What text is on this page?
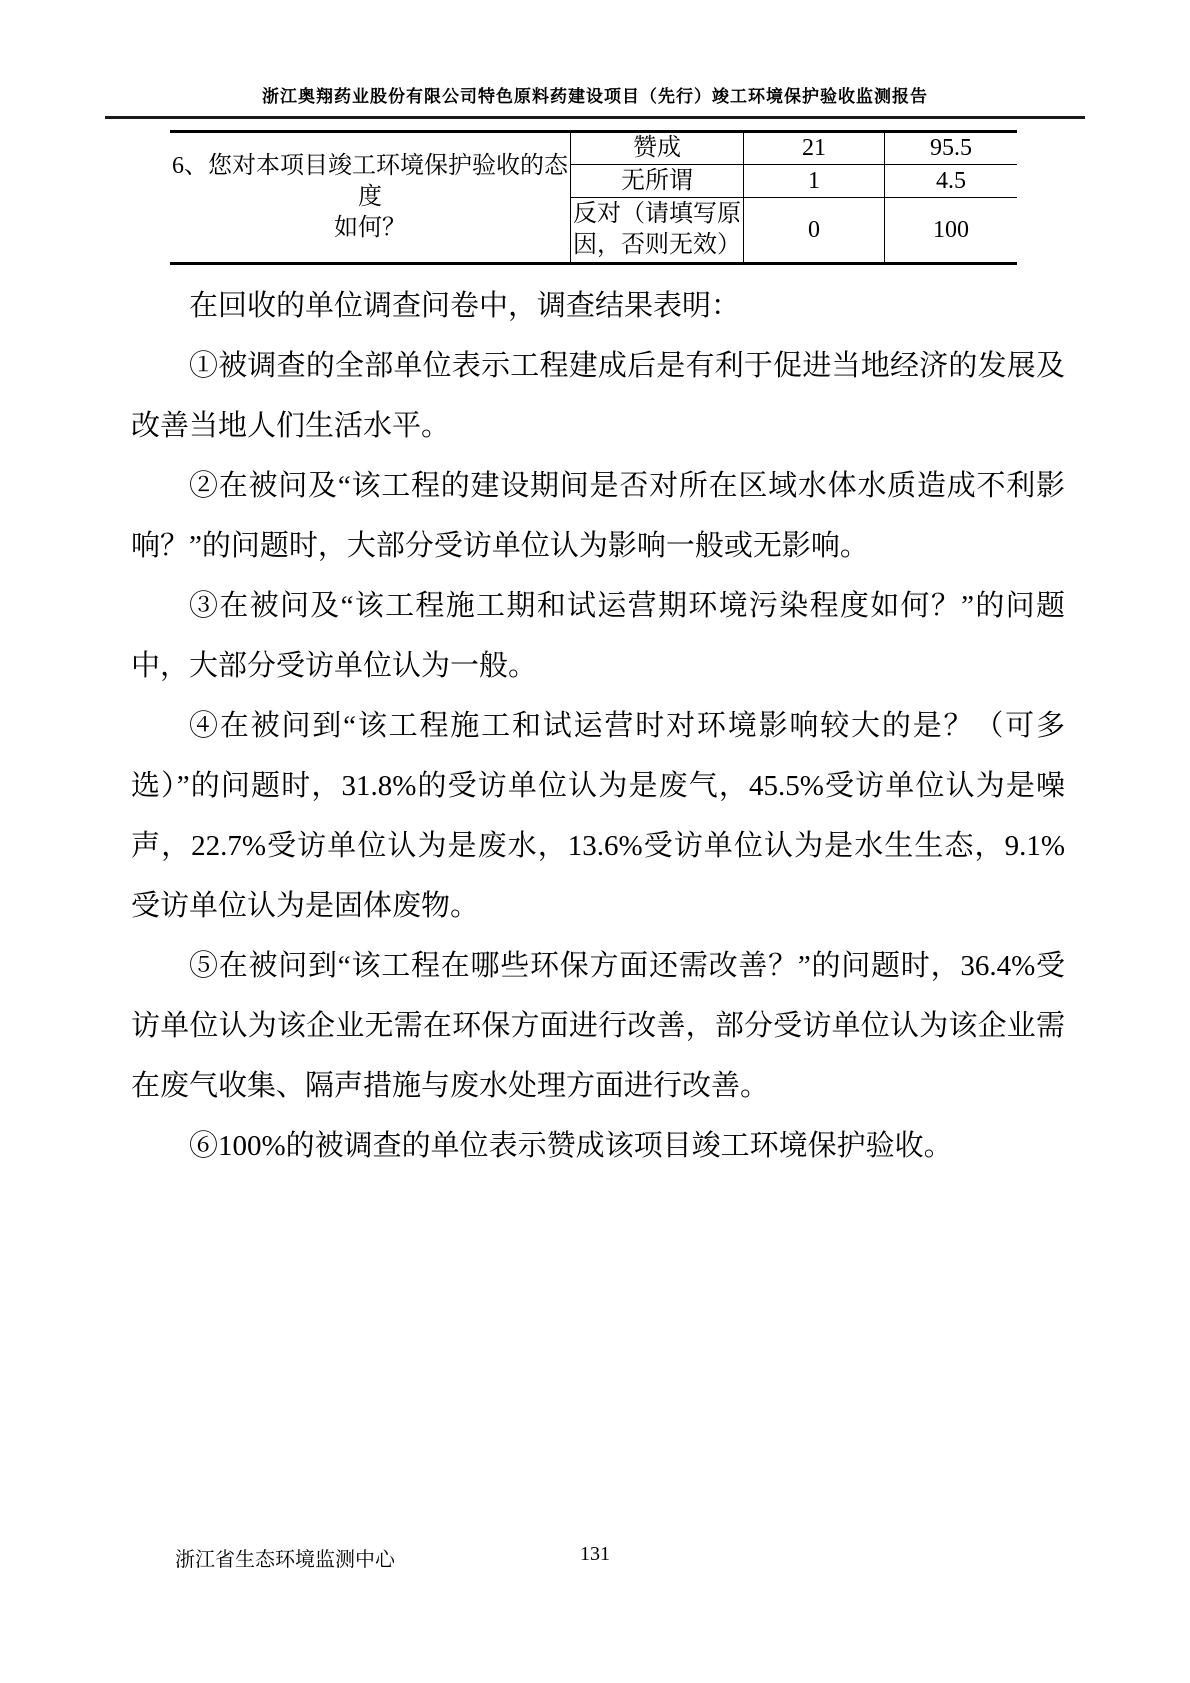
浙江奥翔药业股份有限公司特色原料药建设项目（先行）竣工环境保护验收监测报告
6、您对本项目竣工环境保护验收的态度
如何？	赞成	21	95.5
	无所谓	1	4.5
	反对（请填写原因，否则无效）	0	100

在回收的单位调查问卷中，调查结果表明：

①被调查的全部单位表示工程建成后是有利于促进当地经济的发展及改善当地人们生活水平。

②在被问及“该工程的建设期间是否对所在区域水体水质造成不利影响？”的问题时，大部分受访单位认为影响一般或无影响。

③在被问及“该工程施工期和试运营期环境污染程度如何？”的问题中，大部分受访单位认为一般。

④在被问到“该工程施工和试运营时对环境影响较大的是？（可多选）”的问题时，31.8%的受访单位认为是废气，45.5%受访单位认为是噪声，22.7%受访单位认为是废水，13.6%受访单位认为是水生生态，9.1%受访单位认为是固体废物。

⑤在被问到“该工程在哪些环保方面还需改善？”的问题时，36.4%受访单位认为该企业无需在环保方面进行改善，部分受访单位认为该企业需在废气收集、隔声措施与废水处理方面进行改善。

⑥100%的被调查的单位表示赞成该项目竣工环境保护验收。

131
浙江省生态环境监测中心
